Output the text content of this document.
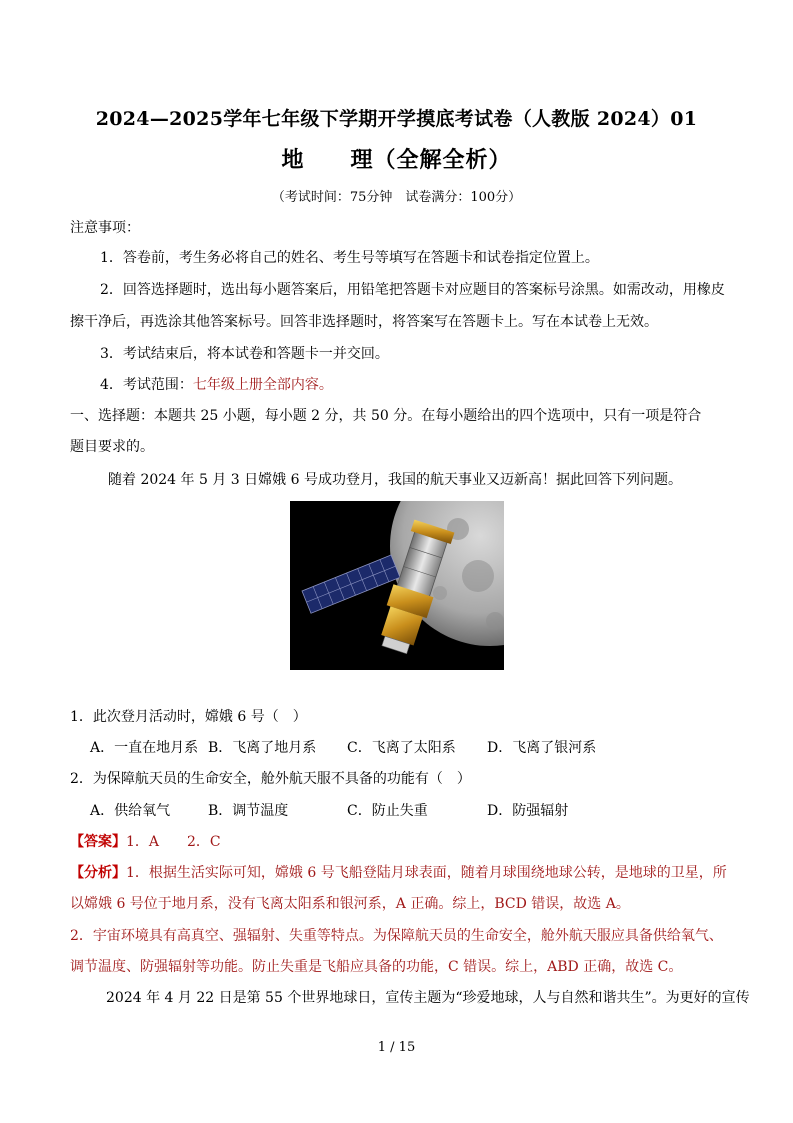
2024—2025学年七年级下学期开学摸底考试卷（人教版 2024）01
地　　理（全解全析）
（考试时间：75分钟　试卷满分：100分）
注意事项：
1．答卷前，考生务必将自己的姓名、考生号等填写在答题卡和试卷指定位置上。
2．回答选择题时，选出每小题答案后，用铅笔把答题卡对应题目的答案标号涂黑。如需改动，用橡皮
擦干净后，再选涂其他答案标号。回答非选择题时，将答案写在答题卡上。写在本试卷上无效。
3．考试结束后，将本试卷和答题卡一并交回。
4．考试范围：七年级上册全部内容。
一、选择题：本题共 25 小题，每小题 2 分，共 50 分。在每小题给出的四个选项中，只有一项是符合
题目要求的。
随着 2024 年 5 月 3 日嫦娥 6 号成功登月，我国的航天事业又迈新高！据此回答下列问题。
1．此次登月活动时，嫦娥 6 号（　）
A．一直在地月系 B．飞离了地月系 C．飞离了太阳系 D．飞离了银河系
2．为保障航天员的生命安全，舱外航天服不具备的功能有（　）
A．供给氧气	B．调节温度	C．防止失重	D．防强辐射
【答案】1．A　　2．C
【分析】1．根据生活实际可知，嫦娥 6 号飞船登陆月球表面，随着月球围绕地球公转，是地球的卫星，所
以嫦娥 6 号位于地月系，没有飞离太阳系和银河系，A 正确。综上，BCD 错误，故选 A。
2．宇宙环境具有高真空、强辐射、失重等特点。为保障航天员的生命安全，舱外航天服应具备供给氧气、
调节温度、防强辐射等功能。防止失重是飞船应具备的功能，C 错误。综上，ABD 正确，故选 C。
2024 年 4 月 22 日是第 55 个世界地球日，宣传主题为“珍爱地球，人与自然和谐共生”。为更好的宣传
1 / 15
